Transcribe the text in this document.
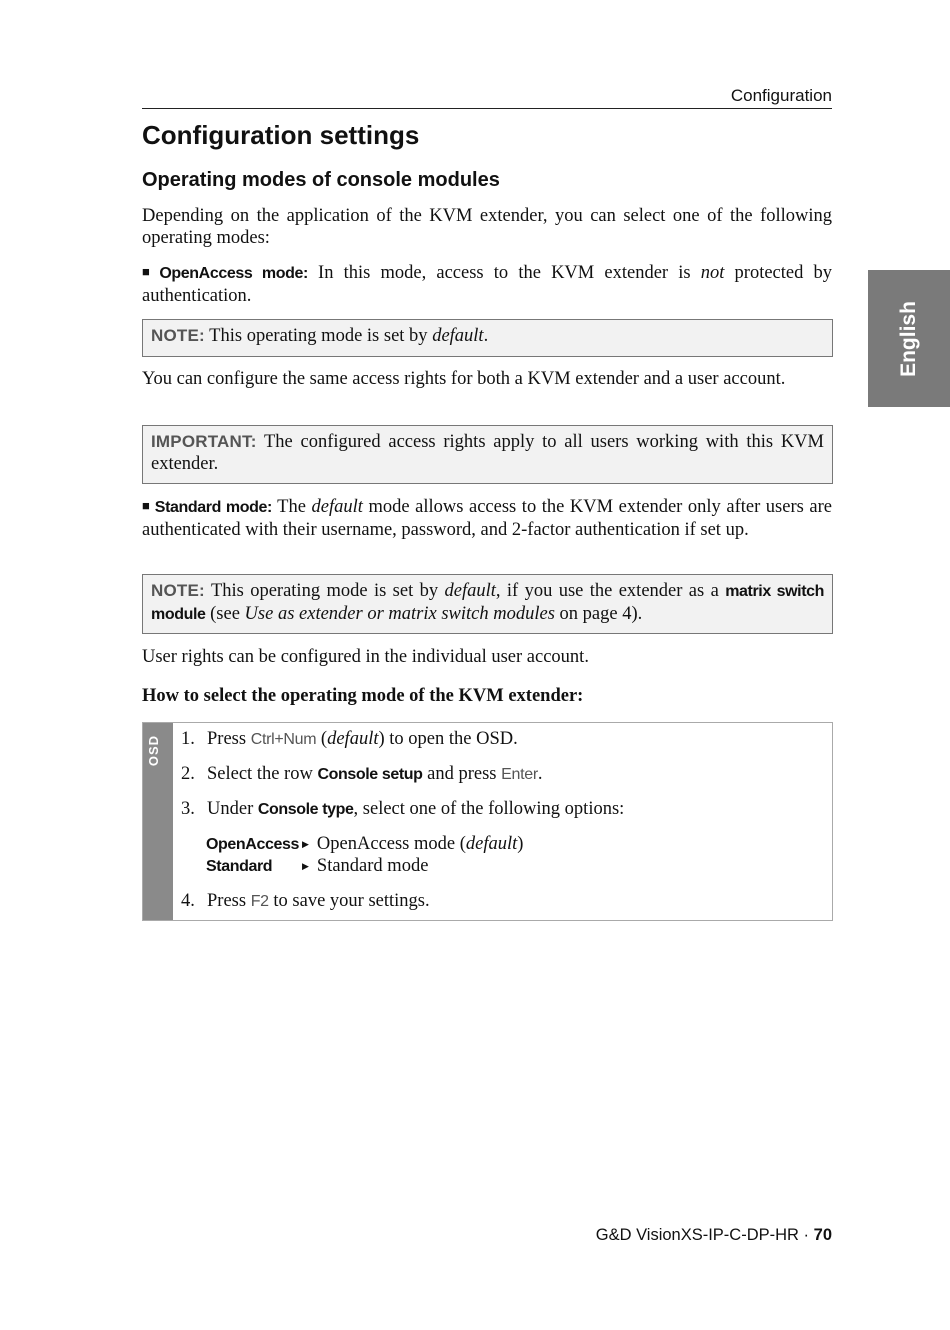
Configuration
Configuration settings
Operating modes of console modules
English

Depending on the application of the KVM extender, you can select one of the following operating modes:

■ OpenAccess mode: In this mode, access to the KVM extender is not protected by authentication.

NOTE: This operating mode is set by default.

You can configure the same access rights for both a KVM extender and a user account.

IMPORTANT: The configured access rights apply to all users working with this KVM extender.

■ Standard mode: The default mode allows access to the KVM extender only after users are authenticated with their username, password, and 2-factor authentication if set up.

NOTE: This operating mode is set by default, if you use the extender as a matrix switch module (see Use as extender or matrix switch modules on page 4).

User rights can be configured in the individual user account.

How to select the operating mode of the KVM extender:
OSD 1. Press Ctrl+Num (default) to open the OSD.
2. Select the row Console setup and press Enter.
3. Under Console type, select one of the following options:
OpenAccess ▶ OpenAccess mode (default)
Standard	▶ Standard mode
4. Press F2 to save your settings.
G&D VisionXS-IP-C-DP-HR · 70
